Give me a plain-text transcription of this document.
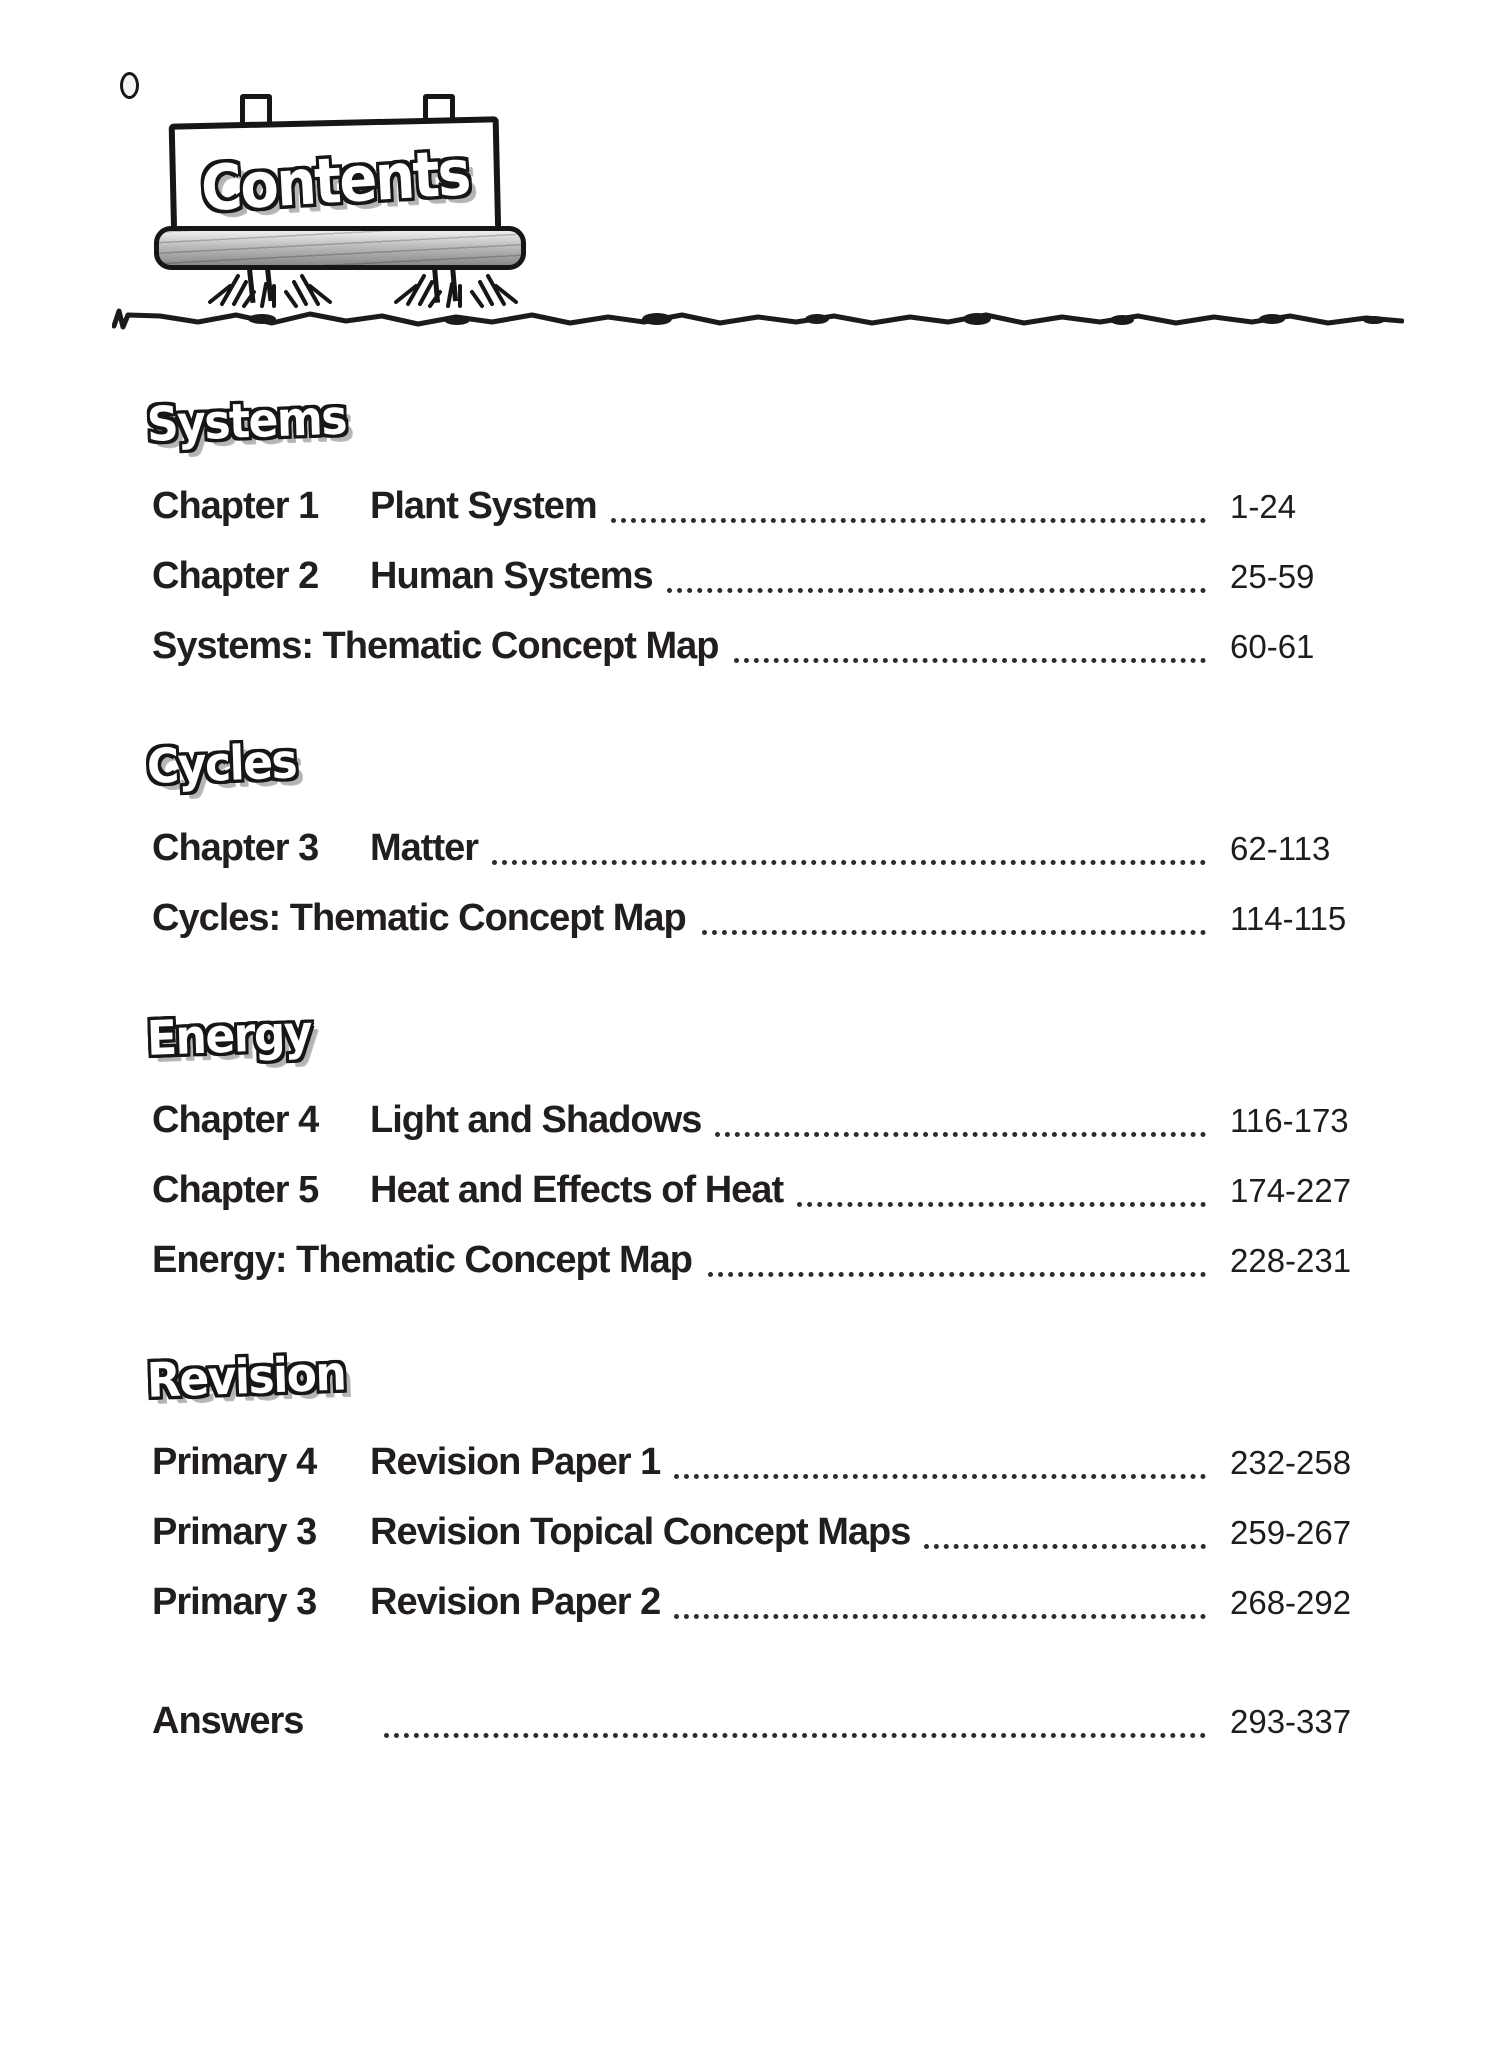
Contents
Systems
Chapter 1	Plant System	1-24
Chapter 2	Human Systems	25-59
Systems: Thematic Concept Map	60-61
Cycles
Chapter 3	Matter	62-113
Cycles: Thematic Concept Map	114-115
Energy
Chapter 4	Light and Shadows	116-173
Chapter 5	Heat and Effects of Heat	174-227
Energy: Thematic Concept Map	228-231
Revision
Primary 4	Revision Paper 1	232-258
Primary 3	Revision Topical Concept Maps	259-267
Primary 3	Revision Paper 2	268-292
Answers	293-337
